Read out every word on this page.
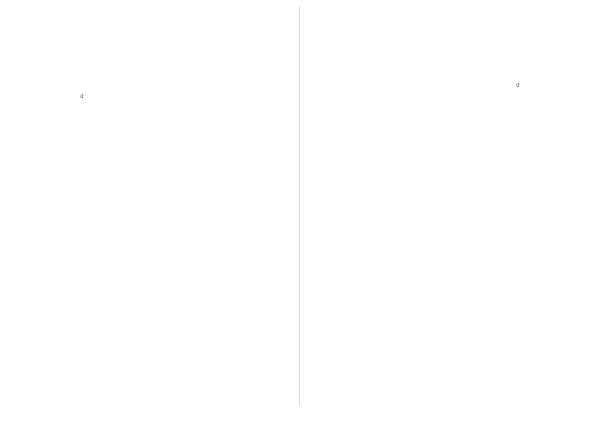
৫

৫
